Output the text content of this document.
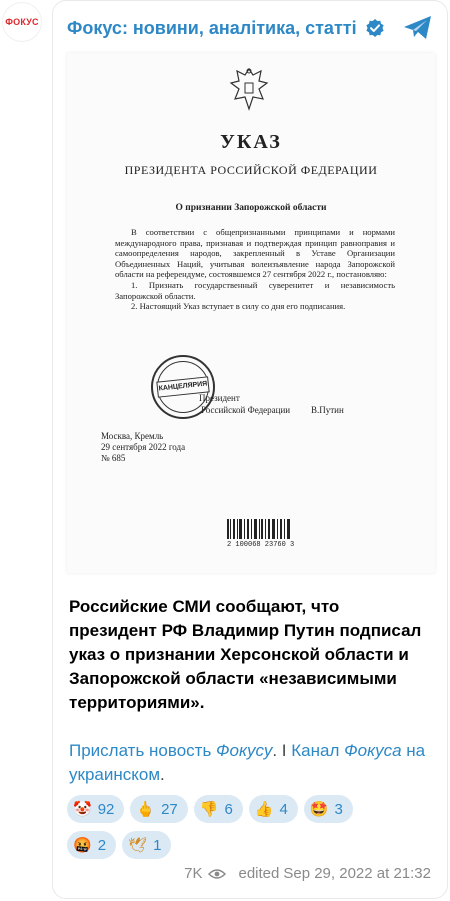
ФОКУС Фокус: новини, аналітика, статті
УКАЗ
ПРЕЗИДЕНТА РОССИЙСКОЙ ФЕДЕРАЦИИ
О признании Запорожской области

В соответствии с общепризнанными принципами и нормами международного права, признавая и подтверждая принцип равноправия и самоопределения народов, закрепленный в Уставе Организации Объединенных Наций, учитывая волеизъявление народа Запорожской области на референдуме, состоявшемся 27 сентября 2022 г., постановляю:

1. Признать государственный суверенитет и независимость Запорожской области.

2. Настоящий Указ вступает в силу со дня его подписания.

КАНЦЕЛЯРИЯ
Президент
Российской Федерации В.Путин
Москва, Кремль
29 сентября 2022 года
№ 685
2 100068 23760 3
Российские СМИ сообщают, что президент РФ Владимир Путин подписал указ о признании Херсонской области и Запорожской области «независимыми территориями».
Прислать новость Фокусу. I Канал Фокуса на украинском.
🤡 92 🖕 27 👎 6 👍 4 🤩 3
🤬 2 🕊 1
7K edited Sep 29, 2022 at 21:32
